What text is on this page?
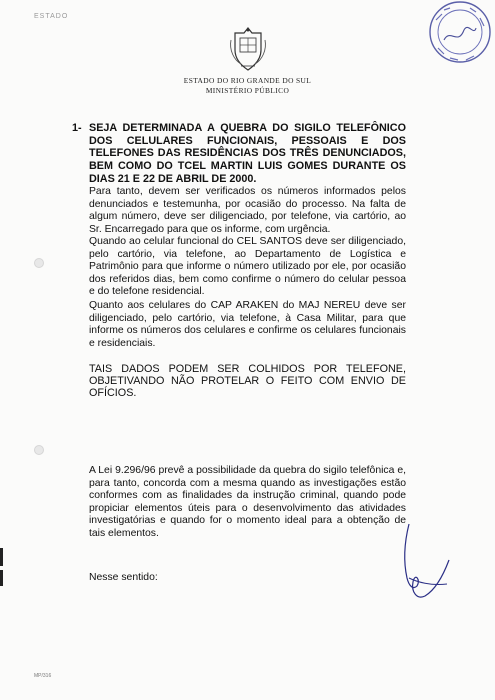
ESTADO
ESTADO DO RIO GRANDE DO SUL
MINISTÉRIO PÚBLICO
1- SEJA DETERMINADA A QUEBRA DO SIGILO TELEFÔNICO DOS CELULARES FUNCIONAIS, PESSOAIS E DOS TELEFONES DAS RESIDÊNCIAS DOS TRÊS DENUNCIADOS, BEM COMO DO TCEL MARTIN LUIS GOMES DURANTE OS DIAS 21 E 22 DE ABRIL DE 2000.
Para tanto, devem ser verificados os números informados pelos denunciados e testemunha, por ocasião do processo. Na falta de algum número, deve ser diligenciado, por telefone, via cartório, ao Sr. Encarregado para que os informe, com urgência.
Quando ao celular funcional do CEL SANTOS deve ser diligenciado, pelo cartório, via telefone, ao Departamento de Logística e Patrimônio para que informe o número utilizado por ele, por ocasião dos referidos dias, bem como confirme o número do celular pessoa e do telefone residencial.
Quanto aos celulares do CAP ARAKEN do MAJ NEREU deve ser diligenciado, pelo cartório, via telefone, à Casa Militar, para que informe os números dos celulares e confirme os celulares funcionais e residenciais.
TAIS DADOS PODEM SER COLHIDOS POR TELEFONE, OBJETIVANDO NÃO PROTELAR O FEITO COM ENVIO DE OFÍCIOS.
A Lei 9.296/96 prevê a possibilidade da quebra do sigilo telefônica e, para tanto, concorda com a mesma quando as investigações estão conformes com as finalidades da instrução criminal, quando pode propiciar elementos úteis para o desenvolvimento das atividades investigatórias e quando for o momento ideal para a obtenção de tais elementos.
Nesse sentido:
MP/316
